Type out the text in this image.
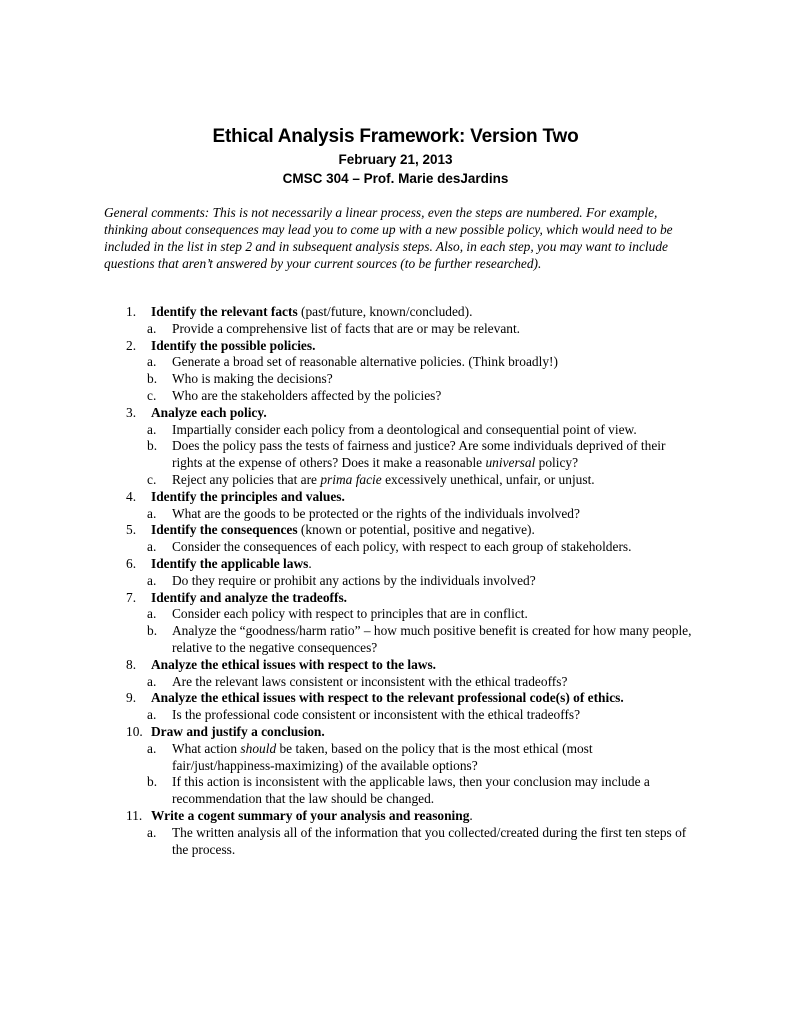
Ethical Analysis Framework: Version Two
February 21, 2013
CMSC 304 – Prof. Marie desJardins
General comments: This is not necessarily a linear process, even the steps are numbered. For example, thinking about consequences may lead you to come up with a new possible policy, which would need to be included in the list in step 2 and in subsequent analysis steps. Also, in each step, you may want to include questions that aren’t answered by your current sources (to be further researched).
1. Identify the relevant facts (past/future, known/concluded).
a. Provide a comprehensive list of facts that are or may be relevant.
2. Identify the possible policies.
a. Generate a broad set of reasonable alternative policies. (Think broadly!)
b. Who is making the decisions?
c. Who are the stakeholders affected by the policies?
3. Analyze each policy.
a. Impartially consider each policy from a deontological and consequential point of view.
b. Does the policy pass the tests of fairness and justice? Are some individuals deprived of their rights at the expense of others? Does it make a reasonable universal policy?
c. Reject any policies that are prima facie excessively unethical, unfair, or unjust.
4. Identify the principles and values.
a. What are the goods to be protected or the rights of the individuals involved?
5. Identify the consequences (known or potential, positive and negative).
a. Consider the consequences of each policy, with respect to each group of stakeholders.
6. Identify the applicable laws.
a. Do they require or prohibit any actions by the individuals involved?
7. Identify and analyze the tradeoffs.
a. Consider each policy with respect to principles that are in conflict.
b. Analyze the “goodness/harm ratio” – how much positive benefit is created for how many people, relative to the negative consequences?
8. Analyze the ethical issues with respect to the laws.
a. Are the relevant laws consistent or inconsistent with the ethical tradeoffs?
9. Analyze the ethical issues with respect to the relevant professional code(s) of ethics.
a. Is the professional code consistent or inconsistent with the ethical tradeoffs?
10. Draw and justify a conclusion.
a. What action should be taken, based on the policy that is the most ethical (most fair/just/happiness-maximizing) of the available options?
b. If this action is inconsistent with the applicable laws, then your conclusion may include a recommendation that the law should be changed.
11. Write a cogent summary of your analysis and reasoning.
a. The written analysis all of the information that you collected/created during the first ten steps of the process.
